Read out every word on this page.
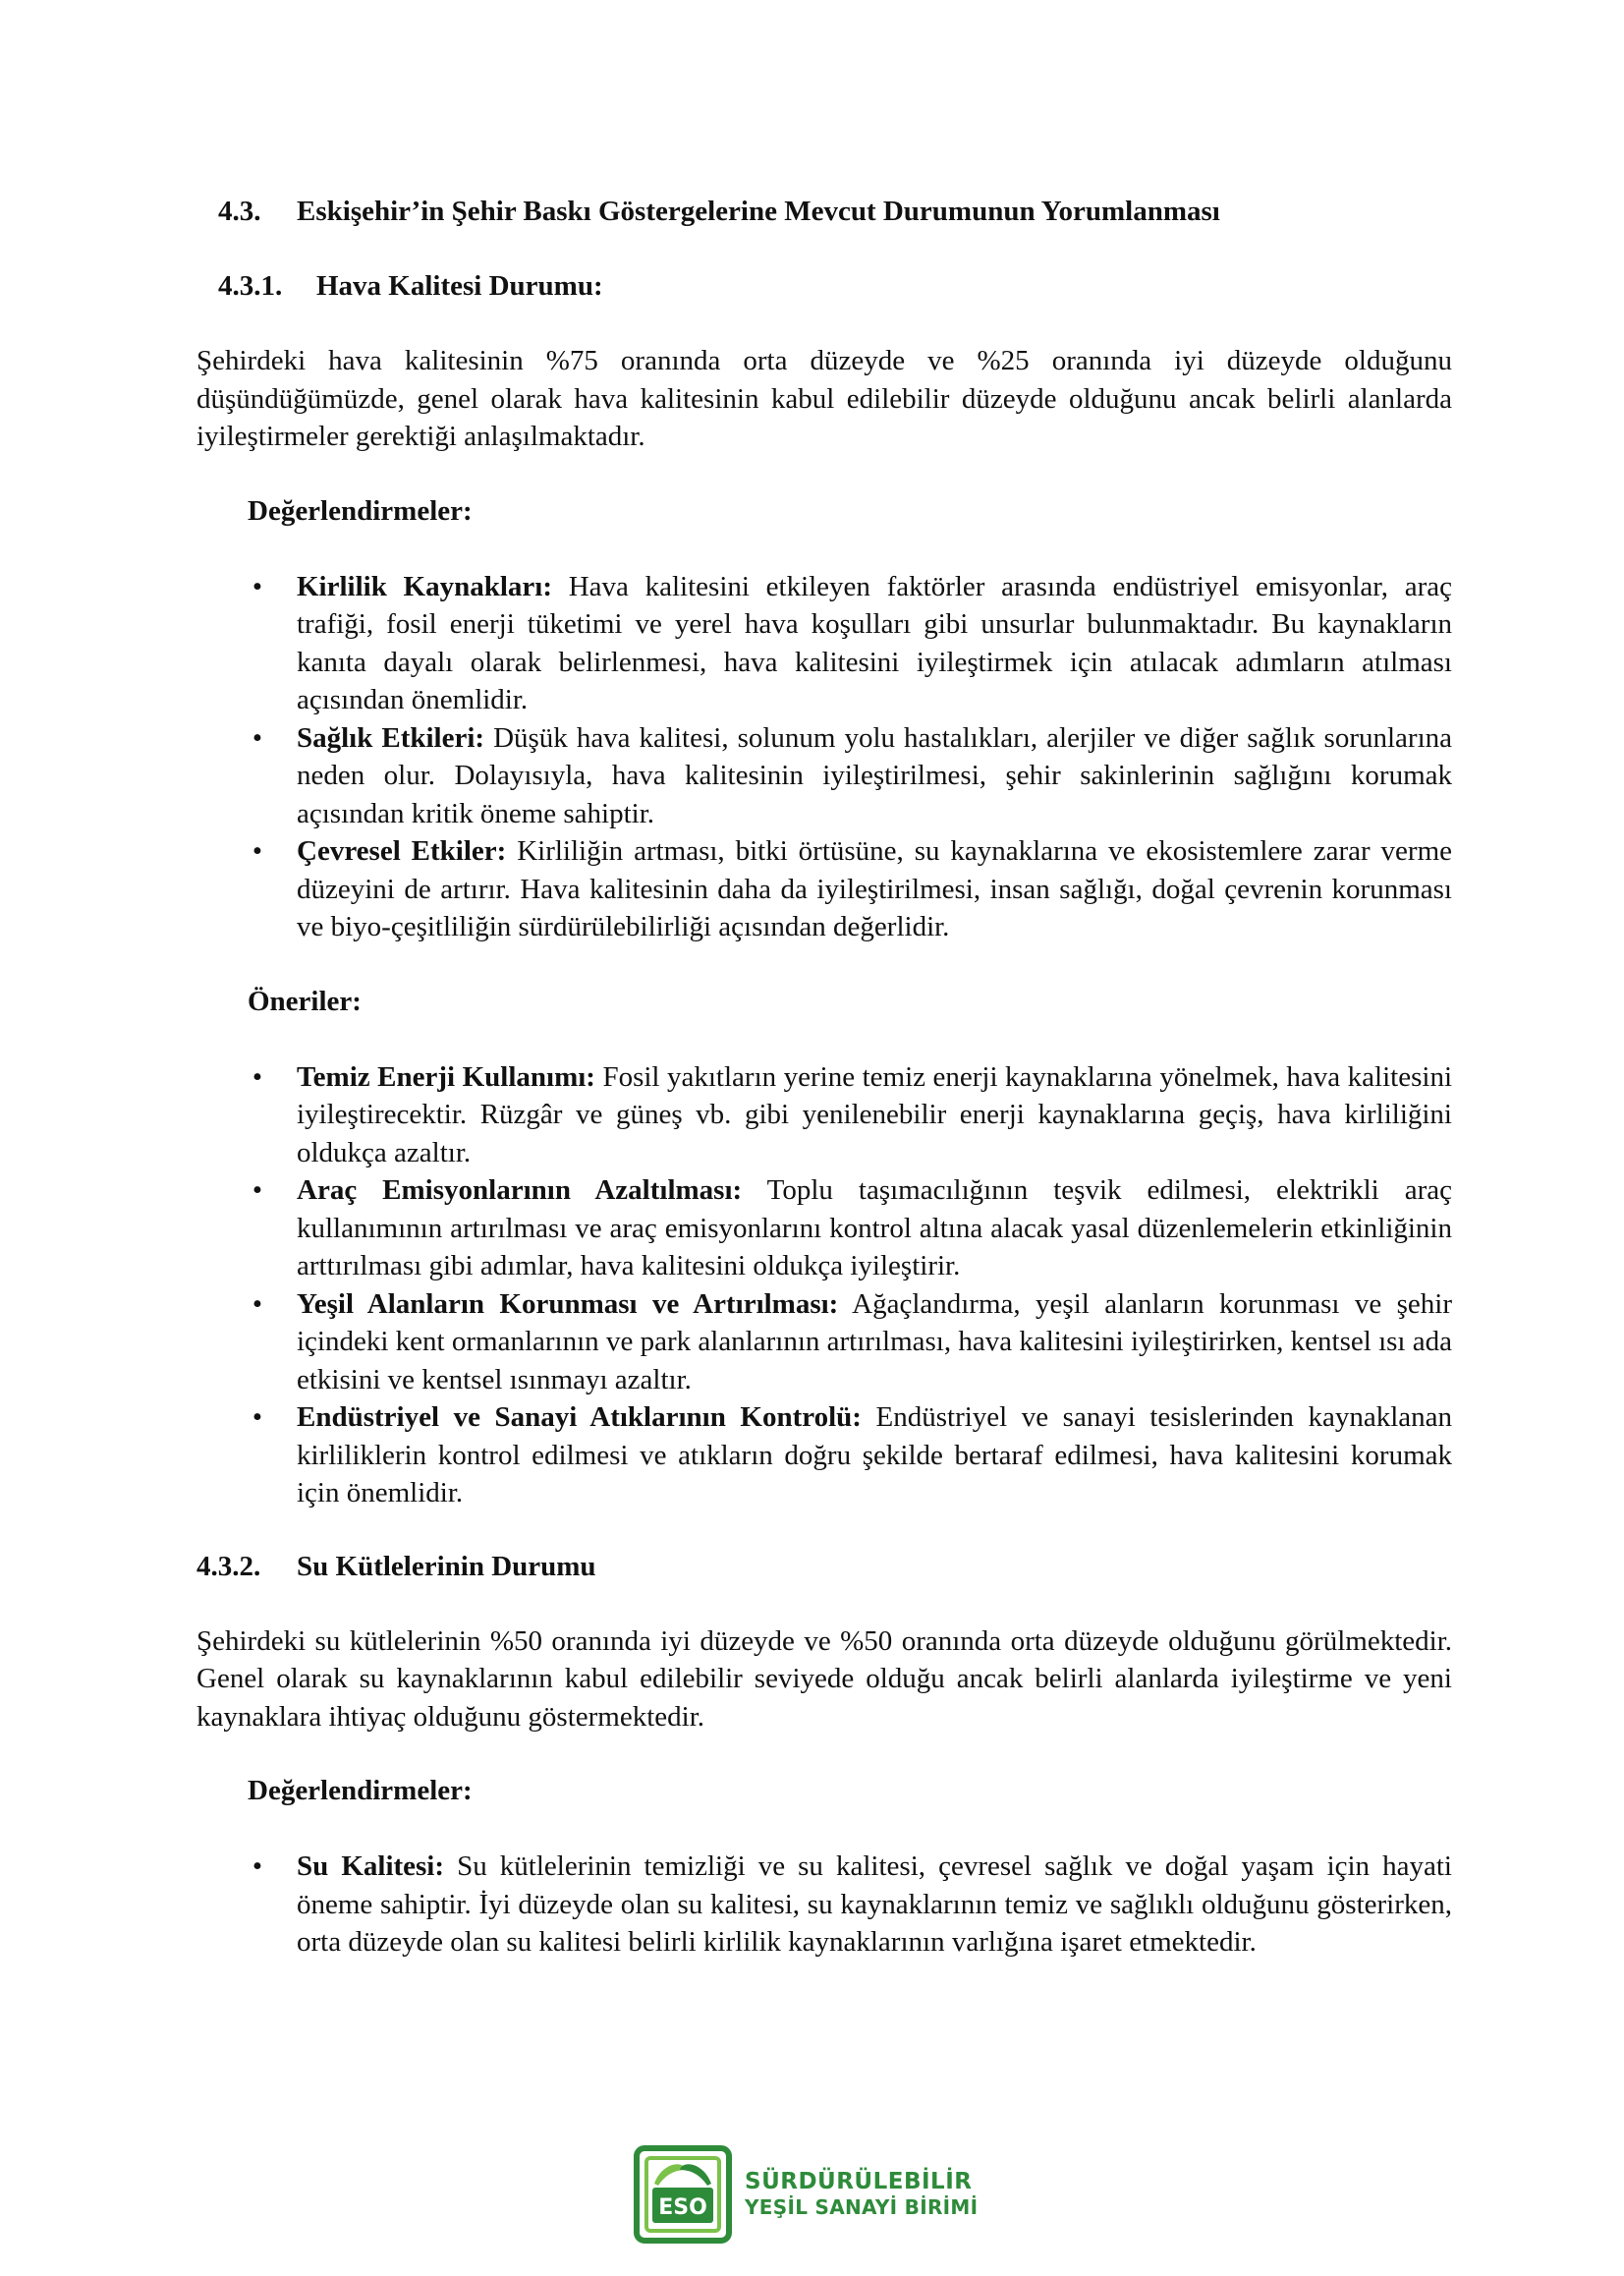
4.3. Eskişehir’in Şehir Baskı Göstergelerine Mevcut Durumunun Yorumlanması
4.3.1. Hava Kalitesi Durumu:

Şehirdeki hava kalitesinin %75 oranında orta düzeyde ve %25 oranında iyi düzeyde olduğunu düşündüğümüzde, genel olarak hava kalitesinin kabul edilebilir düzeyde olduğunu ancak belirli alanlarda iyileştirmeler gerektiği anlaşılmaktadır.

Değerlendirmeler:
• Kirlilik Kaynakları: Hava kalitesini etkileyen faktörler arasında endüstriyel emisyonlar, araç trafiği, fosil enerji tüketimi ve yerel hava koşulları gibi unsurlar bulunmaktadır. Bu kaynakların kanıta dayalı olarak belirlenmesi, hava kalitesini iyileştirmek için atılacak adımların atılması açısından önemlidir.
• Sağlık Etkileri: Düşük hava kalitesi, solunum yolu hastalıkları, alerjiler ve diğer sağlık sorunlarına neden olur. Dolayısıyla, hava kalitesinin iyileştirilmesi, şehir sakinlerinin sağlığını korumak açısından kritik öneme sahiptir.
• Çevresel Etkiler: Kirliliğin artması, bitki örtüsüne, su kaynaklarına ve ekosistemlere zarar verme düzeyini de artırır. Hava kalitesinin daha da iyileştirilmesi, insan sağlığı, doğal çevrenin korunması ve biyo-çeşitliliğin sürdürülebilirliği açısından değerlidir.
Öneriler:
• Temiz Enerji Kullanımı: Fosil yakıtların yerine temiz enerji kaynaklarına yönelmek, hava kalitesini iyileştirecektir. Rüzgâr ve güneş vb. gibi yenilenebilir enerji kaynaklarına geçiş, hava kirliliğini oldukça azaltır.
• Araç Emisyonlarının Azaltılması: Toplu taşımacılığının teşvik edilmesi, elektrikli araç kullanımının artırılması ve araç emisyonlarını kontrol altına alacak yasal düzenlemelerin etkinliğinin arttırılması gibi adımlar, hava kalitesini oldukça iyileştirir.
• Yeşil Alanların Korunması ve Artırılması: Ağaçlandırma, yeşil alanların korunması ve şehir içindeki kent ormanlarının ve park alanlarının artırılması, hava kalitesini iyileştirirken, kentsel ısı ada etkisini ve kentsel ısınmayı azaltır.
• Endüstriyel ve Sanayi Atıklarının Kontrolü: Endüstriyel ve sanayi tesislerinden kaynaklanan kirliliklerin kontrol edilmesi ve atıkların doğru şekilde bertaraf edilmesi, hava kalitesini korumak için önemlidir.
4.3.2. Su Kütlelerinin Durumu

Şehirdeki su kütlelerinin %50 oranında iyi düzeyde ve %50 oranında orta düzeyde olduğunu görülmektedir. Genel olarak su kaynaklarının kabul edilebilir seviyede olduğu ancak belirli alanlarda iyileştirme ve yeni kaynaklara ihtiyaç olduğunu göstermektedir.

Değerlendirmeler:
• Su Kalitesi: Su kütlelerinin temizliği ve su kalitesi, çevresel sağlık ve doğal yaşam için hayati öneme sahiptir. İyi düzeyde olan su kalitesi, su kaynaklarının temiz ve sağlıklı olduğunu gösterirken, orta düzeyde olan su kalitesi belirli kirlilik kaynaklarının varlığına işaret etmektedir.
ESO
SÜRDÜRÜLEBİLİR
YEŞİL SANAYİ BİRİMİ
